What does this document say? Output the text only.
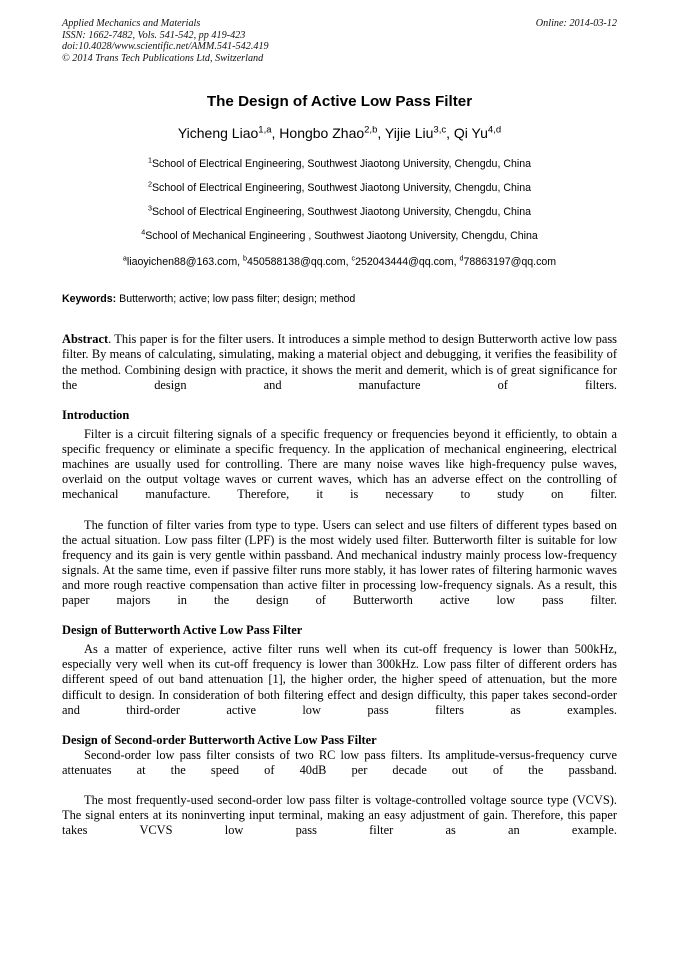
Applied Mechanics and Materials	Online: 2014-03-12
ISSN: 1662-7482, Vols. 541-542, pp 419-423
doi:10.4028/www.scientific.net/AMM.541-542.419
© 2014 Trans Tech Publications Ltd, Switzerland
The Design of Active Low Pass Filter
Yicheng Liao$^{1,a}$, Hongbo Zhao$^{2,b}$, Yijie Liu$^{3,c}$, Qi Yu$^{4,d}$
$^1$School of Electrical Engineering, Southwest Jiaotong University, Chengdu, China
$^2$School of Electrical Engineering, Southwest Jiaotong University, Chengdu, China
$^3$School of Electrical Engineering, Southwest Jiaotong University, Chengdu, China
$^4$School of Mechanical Engineering , Southwest Jiaotong University, Chengdu, China
$^a$liaoyichen88@163.com, $^b$450588138@qq.com, $^c$252043444@qq.com, $^d$78863197@qq.com
Keywords: Butterworth; active; low pass filter; design; method
Abstract. This paper is for the filter users. It introduces a simple method to design Butterworth active low pass filter. By means of calculating, simulating, making a material object and debugging, it verifies the feasibility of the method. Combining design with practice, it shows the merit and demerit, which is of great significance for the design and manufacture of filters.
Introduction

Filter is a circuit filtering signals of a specific frequency or frequencies beyond it efficiently, to obtain a specific frequency or eliminate a specific frequency. In the application of mechanical engineering, electrical machines are usually used for controlling. There are many noise waves like high-frequency pulse waves, overlaid on the output voltage waves or current waves, which has an adverse effect on the controlling of mechanical manufacture. Therefore, it is necessary to study on filter.

The function of filter varies from type to type. Users can select and use filters of different types based on the actual situation. Low pass filter (LPF) is the most widely used filter. Butterworth filter is suitable for low frequency and its gain is very gentle within passband. And mechanical industry mainly process low-frequency signals. At the same time, even if passive filter runs more stably, it has lower rates of filtering harmonic waves and more rough reactive compensation than active filter in processing low-frequency signals. As a result, this paper majors in the design of Butterworth active low pass filter.

Design of Butterworth Active Low Pass Filter

As a matter of experience, active filter runs well when its cut-off frequency is lower than 500kHz, especially very well when its cut-off frequency is lower than 300kHz. Low pass filter of different orders has different speed of out band attenuation [1], the higher order, the higher speed of attenuation, but the more difficult to design. In consideration of both filtering effect and design difficulty, this paper takes second-order and third-order active low pass filters as examples.

Design of Second-order Butterworth Active Low Pass Filter

Second-order low pass filter consists of two RC low pass filters. Its amplitude-versus-frequency curve attenuates at the speed of 40dB per decade out of the passband.

The most frequently-used second-order low pass filter is voltage-controlled voltage source type (VCVS). The signal enters at its noninverting input terminal, making an easy adjustment of gain. Therefore, this paper takes VCVS low pass filter as an example.
